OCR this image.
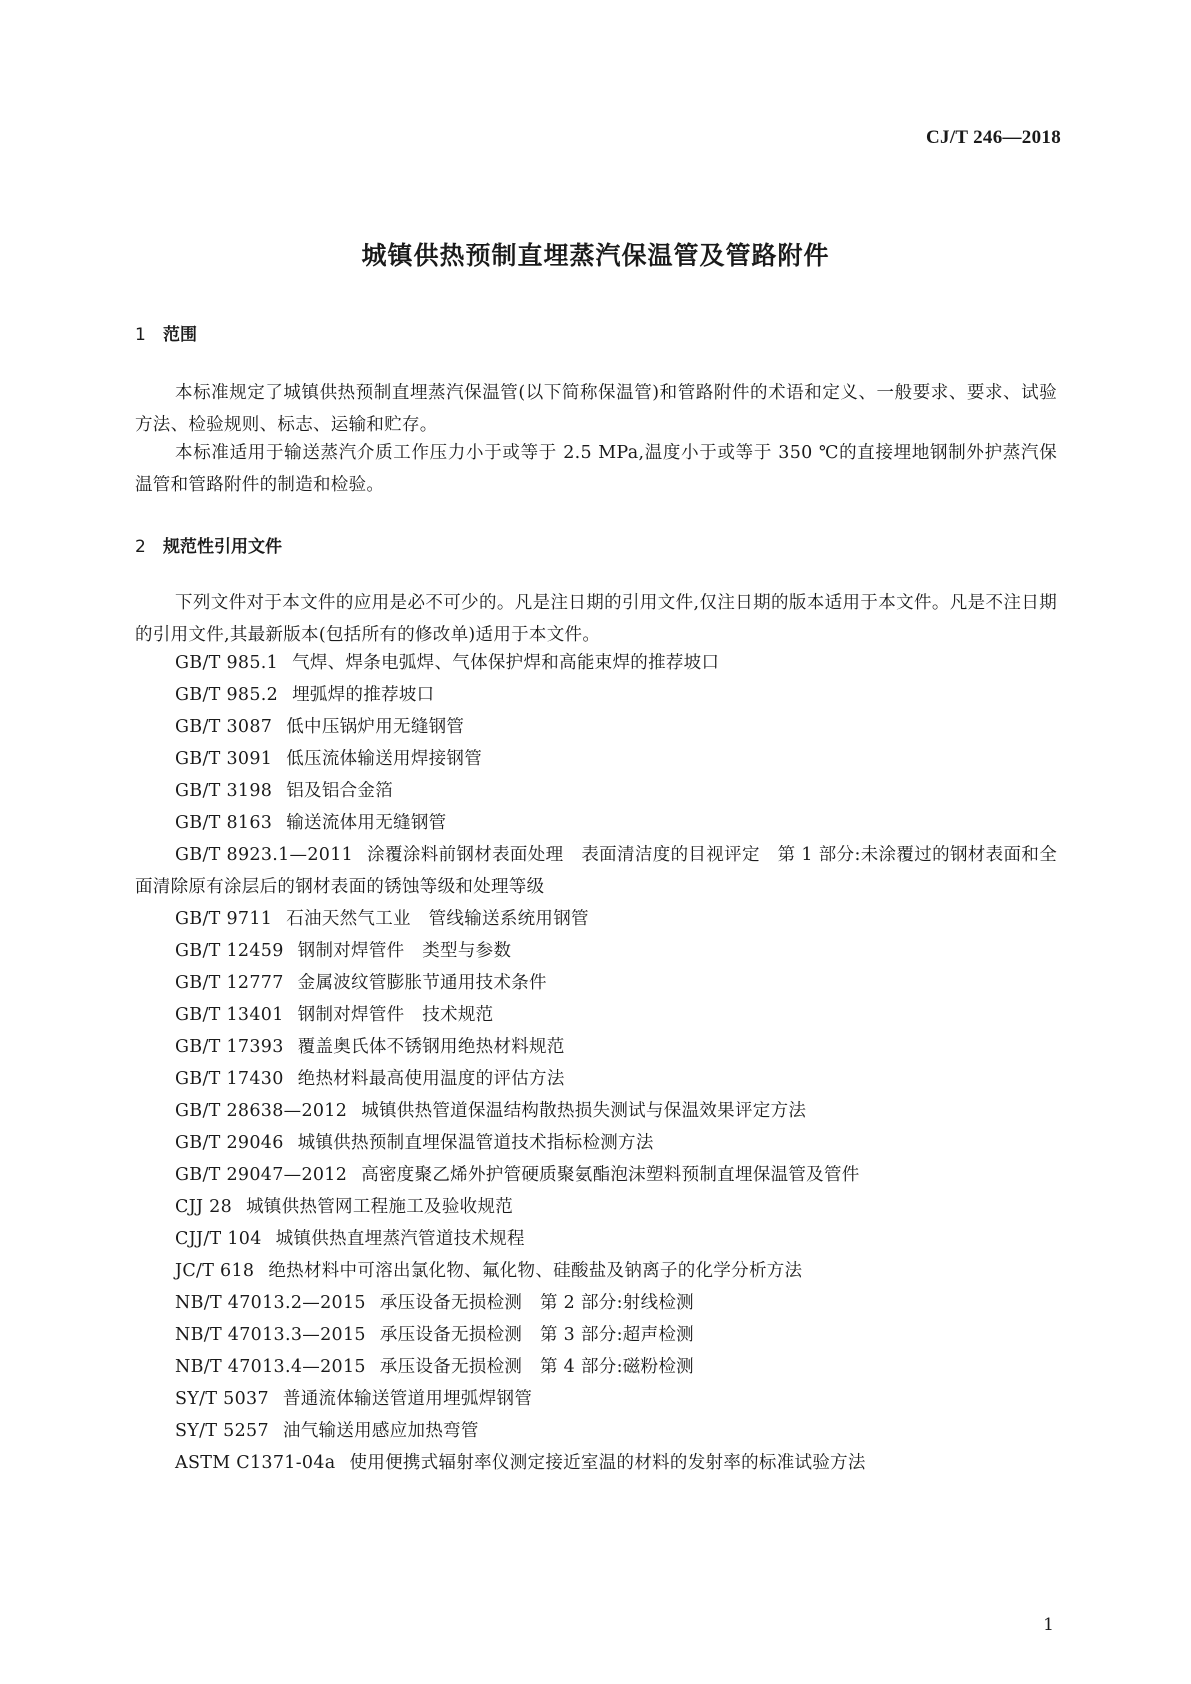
CJ/T 246—2018
城镇供热预制直埋蒸汽保温管及管路附件
1 范围
本标准规定了城镇供热预制直埋蒸汽保温管(以下简称保温管)和管路附件的术语和定义、一般要求、要求、试验方法、检验规则、标志、运输和贮存。
本标准适用于输送蒸汽介质工作压力小于或等于 2.5 MPa,温度小于或等于 350 ℃的直接埋地钢制外护蒸汽保温管和管路附件的制造和检验。
2 规范性引用文件
下列文件对于本文件的应用是必不可少的。凡是注日期的引用文件,仅注日期的版本适用于本文件。凡是不注日期的引用文件,其最新版本(包括所有的修改单)适用于本文件。
GB/T 985.1 气焊、焊条电弧焊、气体保护焊和高能束焊的推荐坡口
GB/T 985.2 埋弧焊的推荐坡口
GB/T 3087 低中压锅炉用无缝钢管
GB/T 3091 低压流体输送用焊接钢管
GB/T 3198 铝及铝合金箔
GB/T 8163 输送流体用无缝钢管
GB/T 8923.1—2011 涂覆涂料前钢材表面处理　表面清洁度的目视评定　第 1 部分:未涂覆过的钢材表面和全面清除原有涂层后的钢材表面的锈蚀等级和处理等级
GB/T 9711 石油天然气工业　管线输送系统用钢管
GB/T 12459 钢制对焊管件　类型与参数
GB/T 12777 金属波纹管膨胀节通用技术条件
GB/T 13401 钢制对焊管件　技术规范
GB/T 17393 覆盖奥氏体不锈钢用绝热材料规范
GB/T 17430 绝热材料最高使用温度的评估方法
GB/T 28638—2012 城镇供热管道保温结构散热损失测试与保温效果评定方法
GB/T 29046 城镇供热预制直埋保温管道技术指标检测方法
GB/T 29047—2012 高密度聚乙烯外护管硬质聚氨酯泡沫塑料预制直埋保温管及管件
CJJ 28 城镇供热管网工程施工及验收规范
CJJ/T 104 城镇供热直埋蒸汽管道技术规程
JC/T 618 绝热材料中可溶出氯化物、氟化物、硅酸盐及钠离子的化学分析方法
NB/T 47013.2—2015 承压设备无损检测　第 2 部分:射线检测
NB/T 47013.3—2015 承压设备无损检测　第 3 部分:超声检测
NB/T 47013.4—2015 承压设备无损检测　第 4 部分:磁粉检测
SY/T 5037 普通流体输送管道用埋弧焊钢管
SY/T 5257 油气输送用感应加热弯管
ASTM C1371-04a 使用便携式辐射率仪测定接近室温的材料的发射率的标准试验方法
1
